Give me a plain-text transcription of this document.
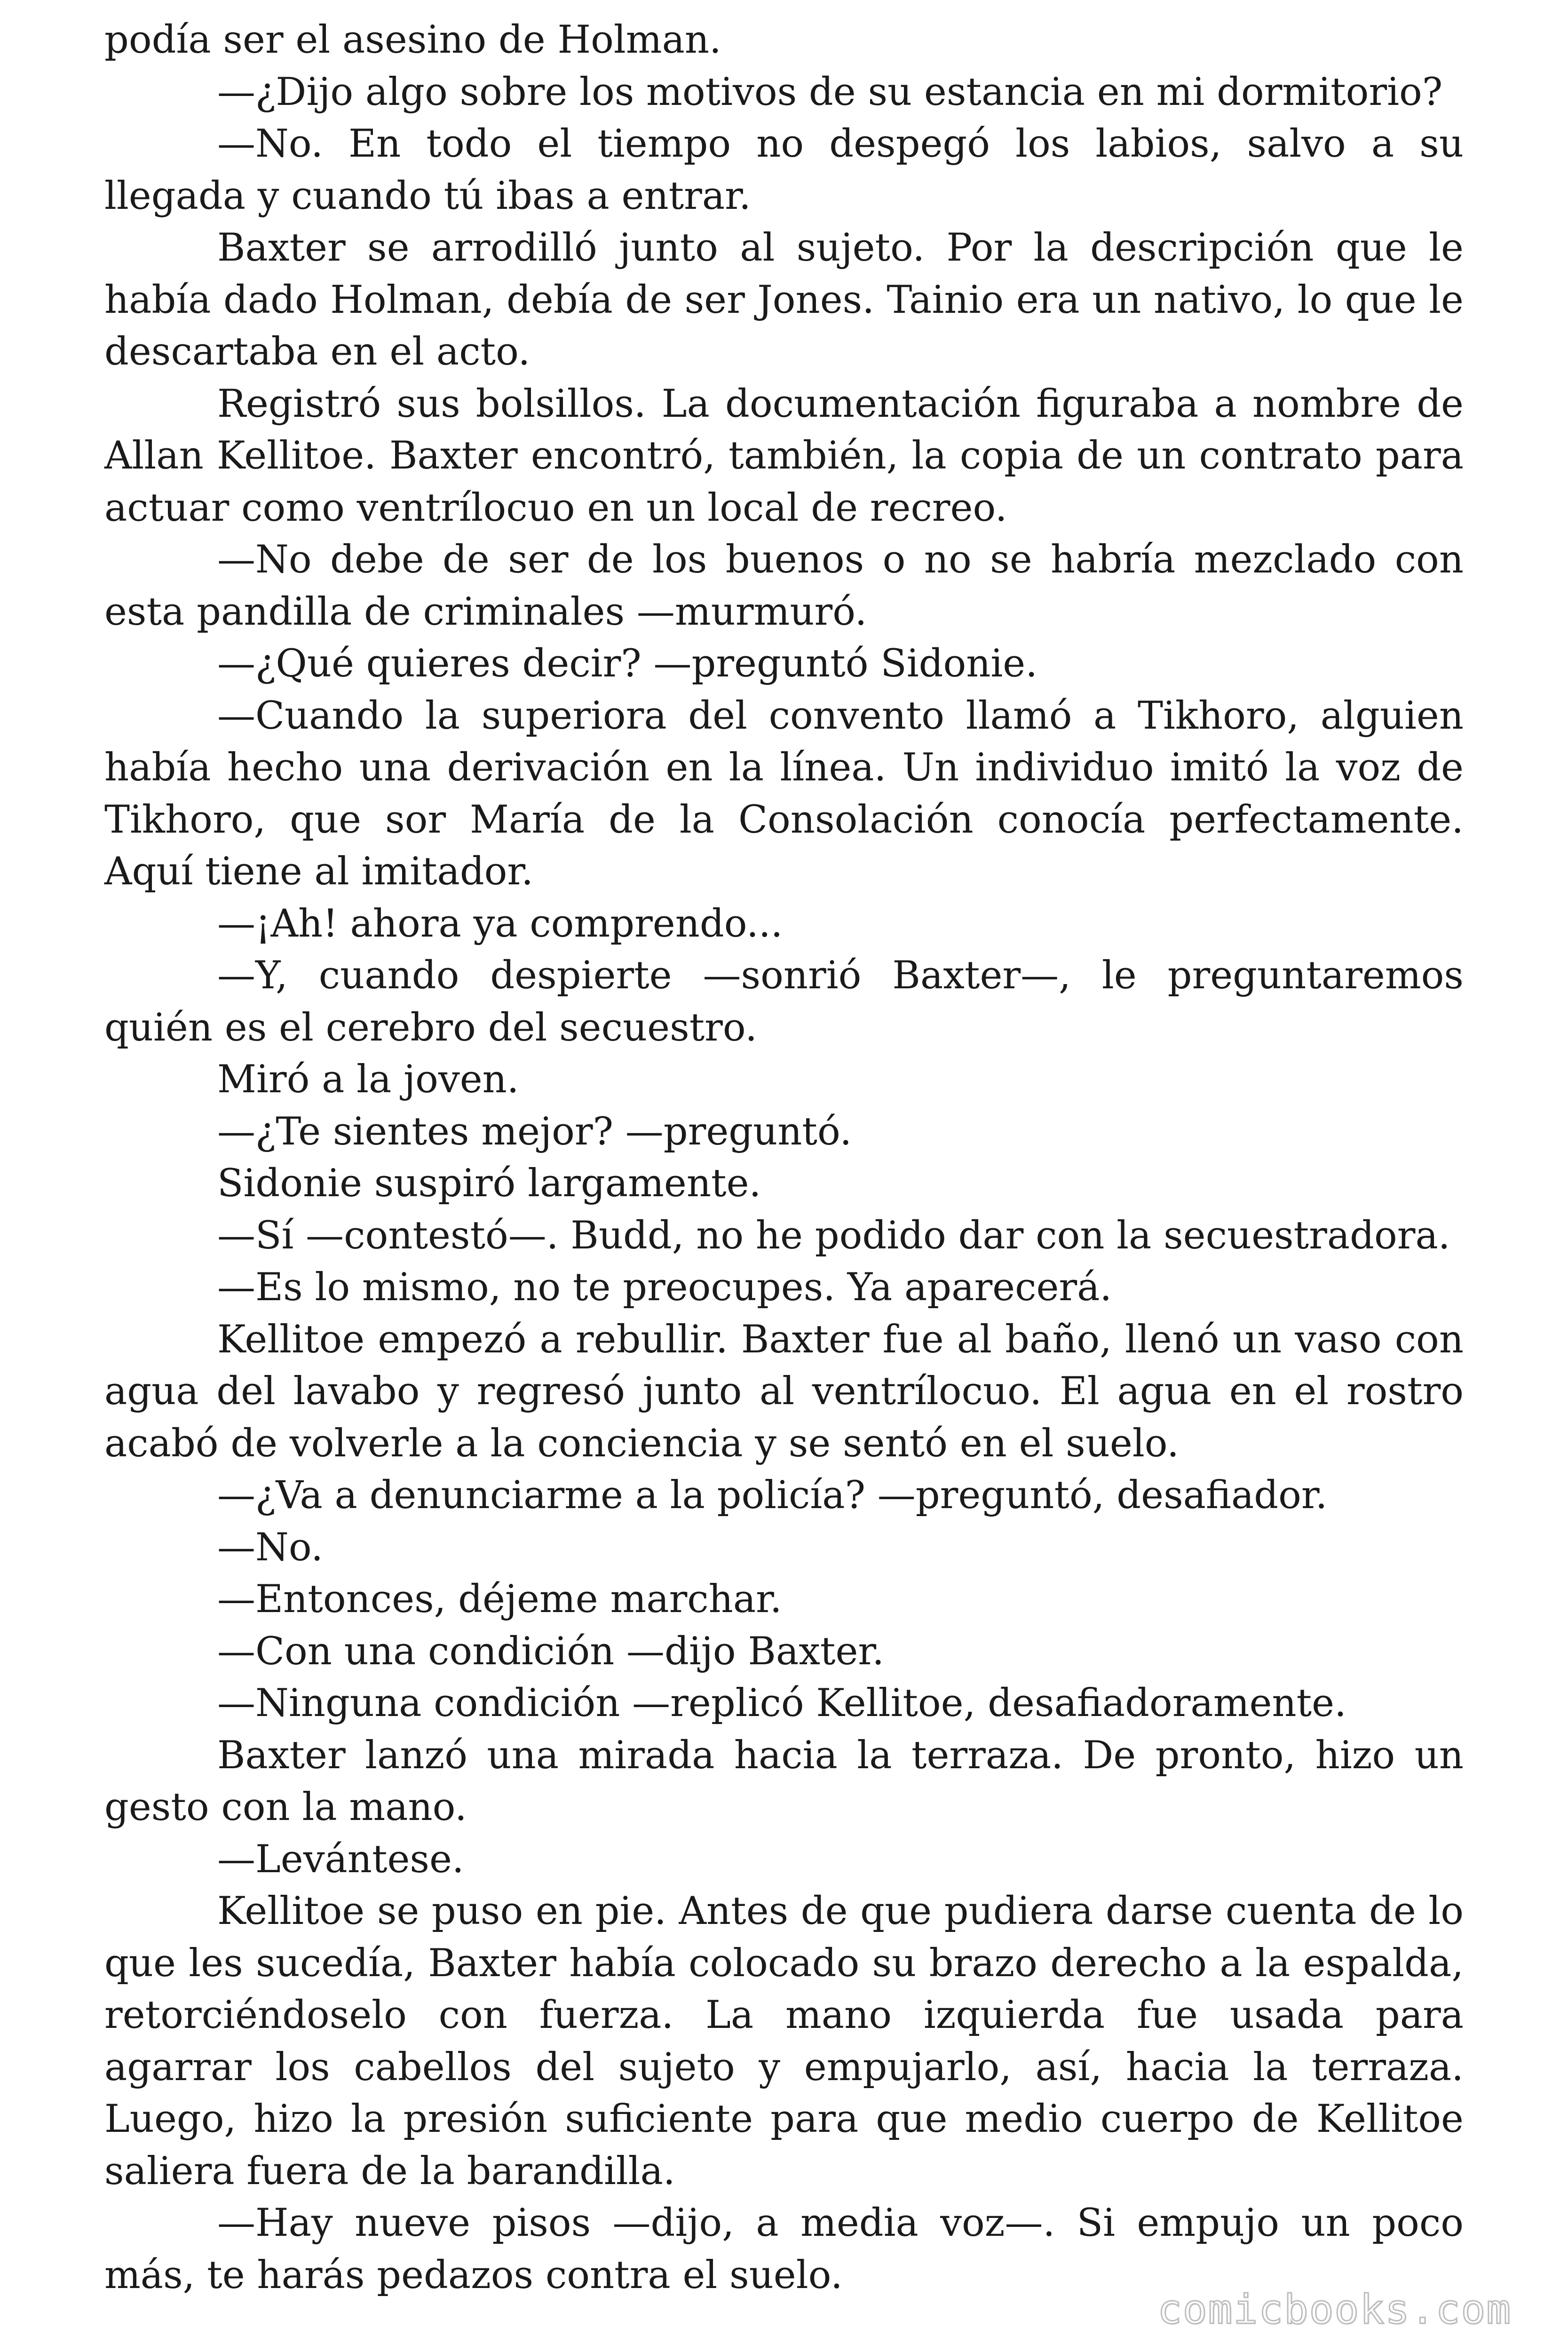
podía ser el asesino de Holman.

—¿Dijo algo sobre los motivos de su estancia en mi dormitorio?

—No. En todo el tiempo no despegó los labios, salvo a su llegada y cuando tú ibas a entrar.

Baxter se arrodilló junto al sujeto. Por la descripción que le había dado Holman, debía de ser Jones. Tainio era un nativo, lo que le descartaba en el acto.

Registró sus bolsillos. La documentación figuraba a nombre de Allan Kellitoe. Baxter encontró, también, la copia de un contrato para actuar como ventrílocuo en un local de recreo.

—No debe de ser de los buenos o no se habría mezclado con esta pandilla de criminales —murmuró.

—¿Qué quieres decir? —preguntó Sidonie.

—Cuando la superiora del convento llamó a Tikhoro, alguien había hecho una derivación en la línea. Un individuo imitó la voz de Tikhoro, que sor María de la Consolación conocía perfectamente. Aquí tiene al imitador.

—¡Ah! ahora ya comprendo...

—Y, cuando despierte —sonrió Baxter—, le preguntaremos quién es el cerebro del secuestro.

Miró a la joven.

—¿Te sientes mejor? —preguntó.

Sidonie suspiró largamente.

—Sí —contestó—. Budd, no he podido dar con la secuestradora.

—Es lo mismo, no te preocupes. Ya aparecerá.

Kellitoe empezó a rebullir. Baxter fue al baño, llenó un vaso con agua del lavabo y regresó junto al ventrílocuo. El agua en el rostro acabó de volverle a la conciencia y se sentó en el suelo.

—¿Va a denunciarme a la policía? —preguntó, desafiador.

—No.

—Entonces, déjeme marchar.

—Con una condición —dijo Baxter.

—Ninguna condición —replicó Kellitoe, desafiadoramente.

Baxter lanzó una mirada hacia la terraza. De pronto, hizo un gesto con la mano.

—Levántese.

Kellitoe se puso en pie. Antes de que pudiera darse cuenta de lo que les sucedía, Baxter había colocado su brazo derecho a la espalda, retorciéndoselo con fuerza. La mano izquierda fue usada para agarrar los cabellos del sujeto y empujarlo, así, hacia la terraza. Luego, hizo la presión suficiente para que medio cuerpo de Kellitoe saliera fuera de la barandilla.

—Hay nueve pisos —dijo, a media voz—. Si empujo un poco más, te harás pedazos contra el suelo.

comicbooks.com
